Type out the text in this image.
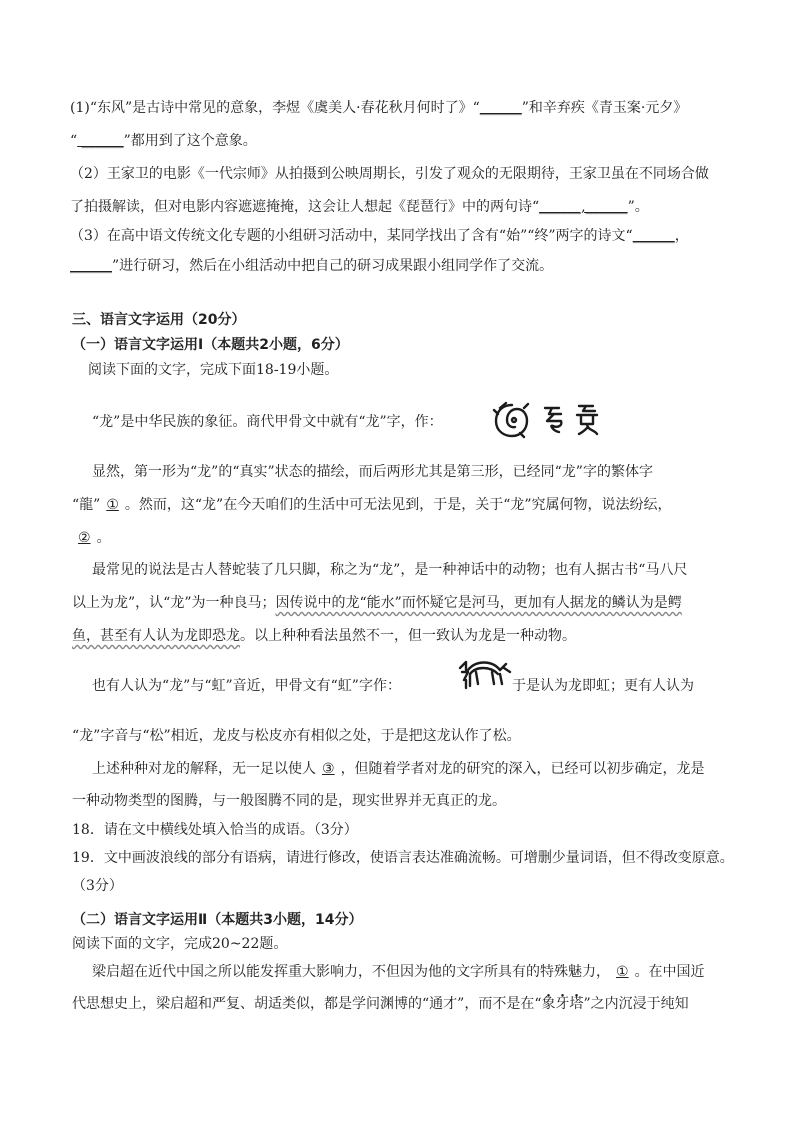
(1)“东风”是古诗中常见的意象，李煜《虞美人·春花秋月何时了》“______”和辛弃疾《青玉案·元夕》
“ ______”都用到了这个意象。
（2）王家卫的电影《一代宗师》从拍摄到公映周期长，引发了观众的无限期待，王家卫虽在不同场合做
了拍摄解读，但对电影内容遮遮掩掩，这会让人想起《琵琶行》中的两句诗“______,______”。
（3）在高中语文传统文化专题的小组研习活动中，某同学找出了含有“始”“终”两字的诗文“______，
______”进行研习，然后在小组活动中把自己的研习成果跟小组同学作了交流。
三、语言文字运用（20分）
（一）语言文字运用Ⅰ（本题共2小题，6分）
阅读下面的文字，完成下面18-19小题。
“龙”是中华民族的象征。商代甲骨文中就有“龙”字，作：
显然，第一形为“龙”的“真实”状态的描绘，而后两形尤其是第三形，已经同“龙”字的繁体字
“龍” ① 。然而，这“龙”在今天咱们的生活中可无法见到，于是，关于“龙”究属何物，说法纷纭，
② 。
最常见的说法是古人替蛇装了几只脚，称之为“龙”，是一种神话中的动物；也有人据古书“马八尺
以上为龙”，认“龙”为一种良马；因传说中的龙“能水”而怀疑它是河马，更加有人据龙的鳞认为是鳄
鱼，甚至有人认为龙即恐龙。以上种种看法虽然不一，但一致认为龙是一种动物。
也有人认为“龙”与“虹”音近，甲骨文有“虹”字作：	于是认为龙即虹；更有人认为
“龙”字音与“松”相近，龙皮与松皮亦有相似之处，于是把这龙认作了松。
上述种种对龙的解释，无一足以使人 ③ ，但随着学者对龙的研究的深入，已经可以初步确定，龙是
一种动物类型的图腾，与一般图腾不同的是，现实世界并无真正的龙。
18．请在文中横线处填入恰当的成语。（3分）
19．文中画波浪线的部分有语病，请进行修改，使语言表达准确流畅。可增删少量词语，但不得改变原意。
（3分）
（二）语言文字运用Ⅱ（本题共3小题，14分）
阅读下面的文字，完成20~22题。
梁启超在近代中国之所以能发挥重大影响力，不但因为他的文字所具有的特殊魅力， ① 。在中国近
代思想史上，梁启超和严复、胡适类似，都是学问渊博的“通才”，而不是在“象牙塔”之内沉浸于纯知
